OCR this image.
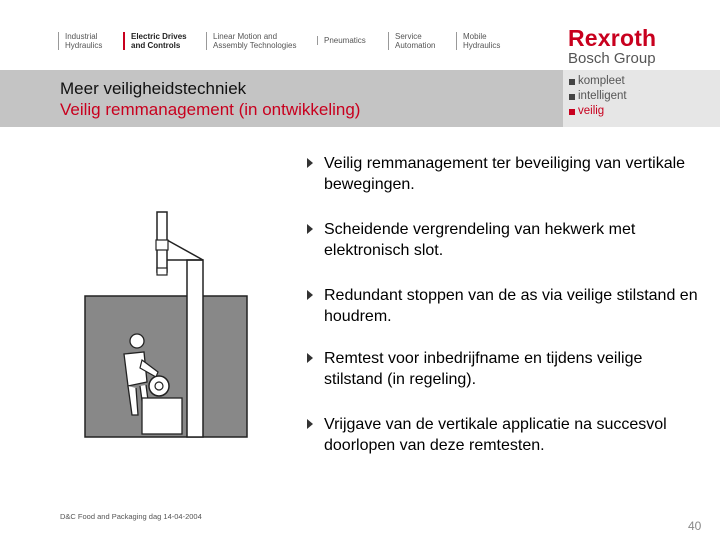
Industrial
Hydraulics
Electric Drives
and Controls
Linear Motion and
Assembly Technologies
Pneumatics	Service
Automation
Mobile
Hydraulics	Rexroth
Bosch Group
Meer veiligheidstechniek
Veilig remmanagement (in ontwikkeling)
kompleet
intelligent
veilig
Veilig remmanagement ter beveiliging van vertikale bewegingen.
Scheidende vergrendeling van hekwerk met elektronisch slot.
Redundant stoppen van de as via veilige stilstand en houdrem.
Remtest voor inbedrijfname en tijdens veilige stilstand (in regeling).
Vrijgave van de vertikale applicatie na succesvol doorlopen van deze remtesten.
D&C Food and Packaging dag 14-04-2004
40
